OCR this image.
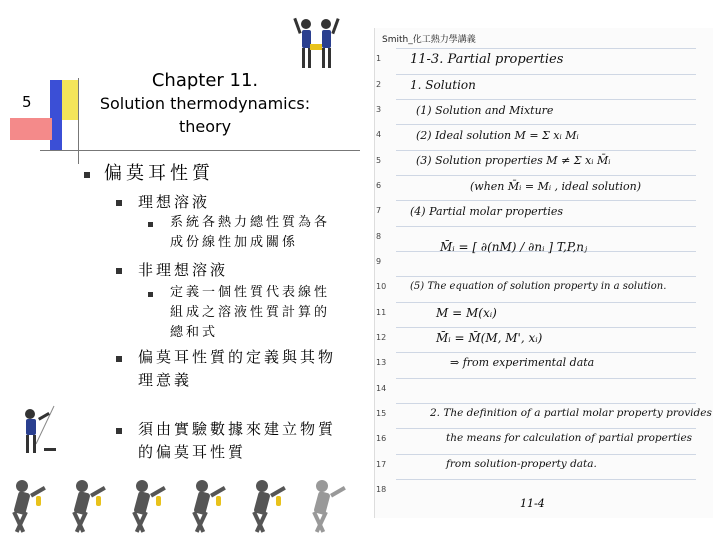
5
Chapter 11.
Solution thermodynamics:
theory
偏莫耳性質
理想溶液
系統各熱力總性質為各
成份線性加成關係
非理想溶液
定義一個性質代表線性
組成之溶液性質計算的
總和式
偏莫耳性質的定義與其物
理意義
須由實驗數據來建立物質
的偏莫耳性質
Smith_化工熱力學講義
1
2
3
4
5
6
7
8
9
10
11
12
13
14
15
16
17
18
11-3. Partial properties
1. Solution
(1) Solution and Mixture
(2) Ideal solution M = Σ xᵢ Mᵢ
(3) Solution properties M ≠ Σ xᵢ M̄ᵢ
(when M̄ᵢ = Mᵢ , ideal solution)
(4) Partial molar properties
M̄ᵢ = [ ∂(nM) / ∂nᵢ ] T,P,nⱼ
(5) The equation of solution property in a solution.
M = M(xᵢ)
M̄ᵢ = M̄(M, M', xᵢ)
⇒ from experimental data
2. The definition of a partial molar property provides
the means for calculation of partial properties
from solution-property data.
11-4
